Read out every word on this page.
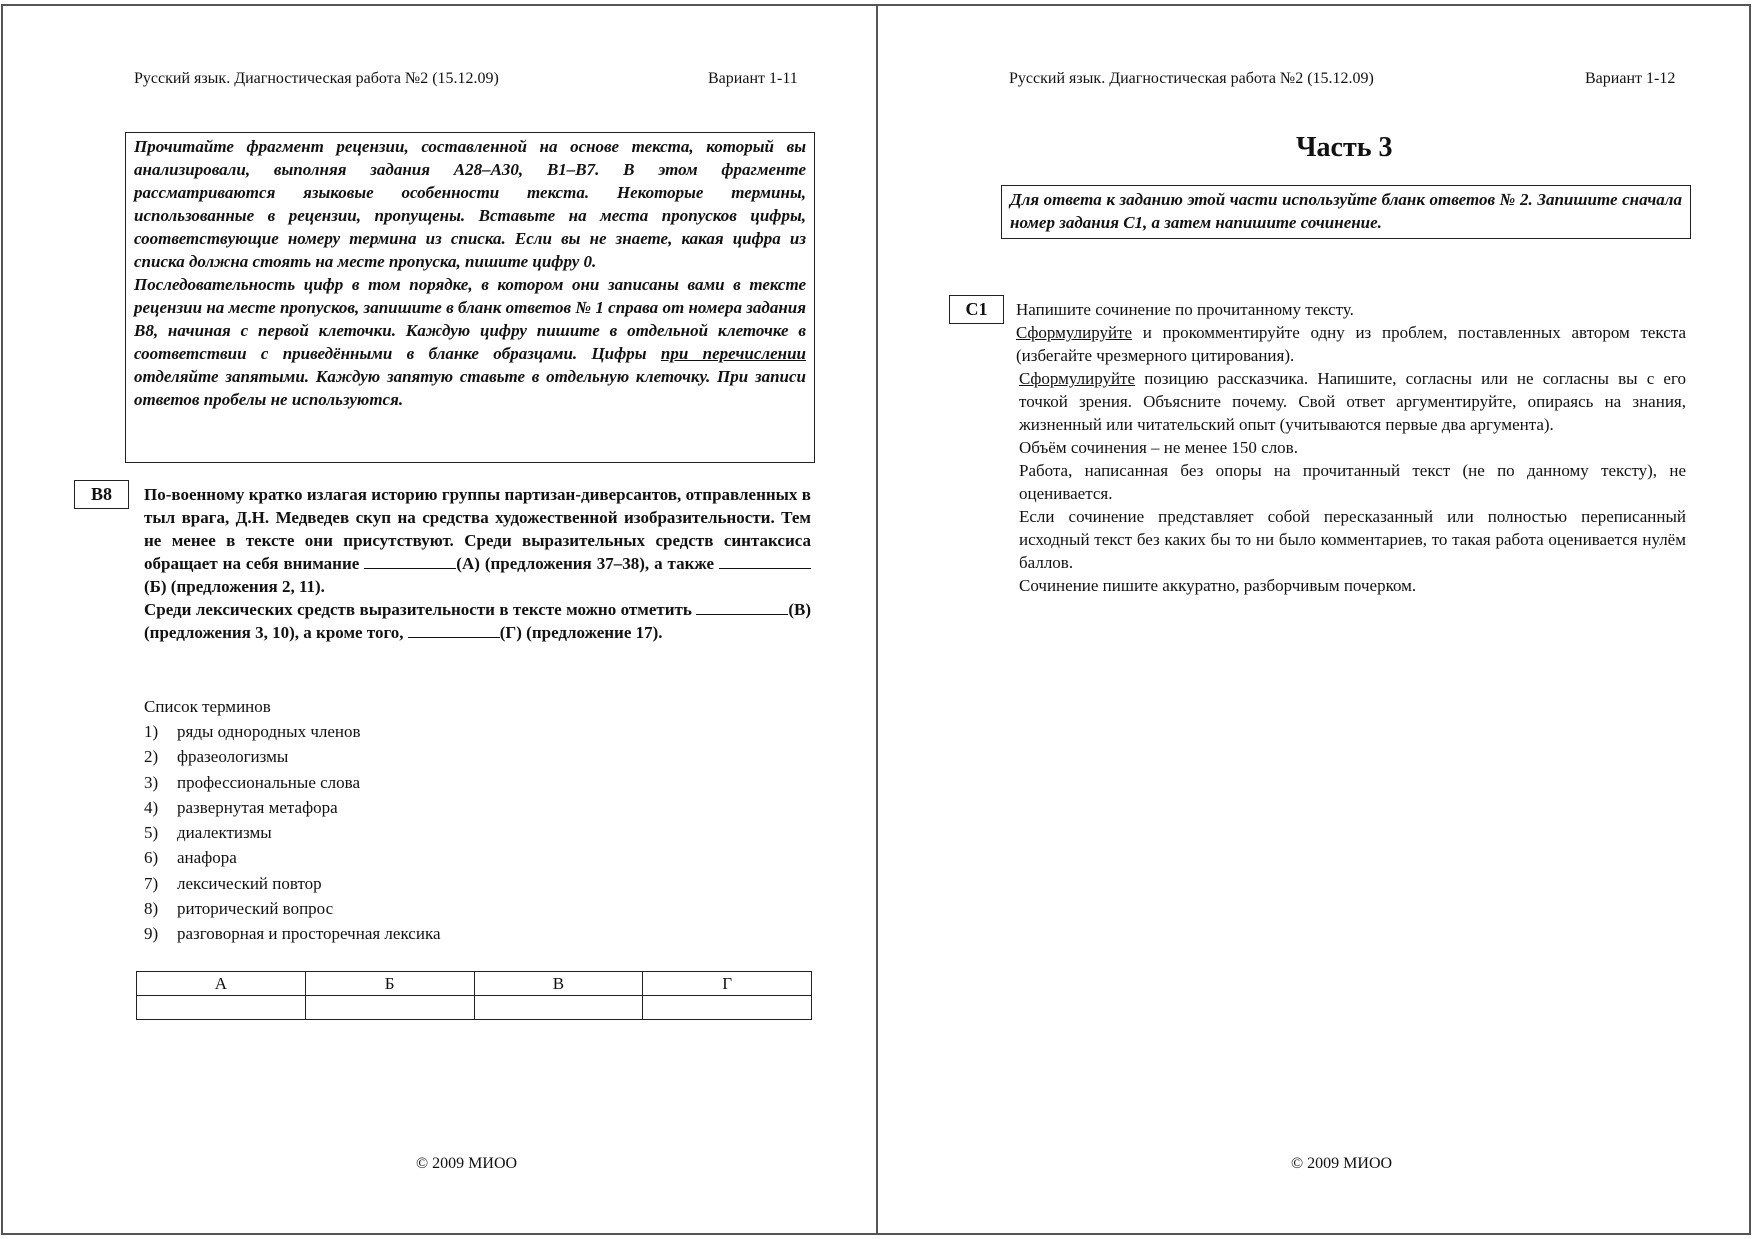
Русский язык. Диагностическая работа №2 (15.12.09)	Вариант 1-11

Прочитайте фрагмент рецензии, составленной на основе текста, который вы анализировали, выполняя задания А28–А30, В1–В7. В этом фрагменте рассматриваются языковые особенности текста. Некоторые термины, использованные в рецензии, пропущены. Вставьте на места пропусков цифры, соответствующие номеру термина из списка. Если вы не знаете, какая цифра из списка должна стоять на месте пропуска, пишите цифру 0.

Последовательность цифр в том порядке, в котором они записаны вами в тексте рецензии на месте пропусков, запишите в бланк ответов № 1 справа от номера задания В8, начиная с первой клеточки. Каждую цифру пишите в отдельной клеточке в соответствии с приведёнными в бланке образцами. Цифры при перечислении отделяйте запятыми. Каждую запятую ставьте в отдельную клеточку. При записи ответов пробелы не используются.

В8	По-военному кратко излагая историю группы партизан-диверсантов, отправленных в тыл врага, Д.Н. Медведев скуп на средства художественной изобразительности. Тем не менее в тексте они присутствуют. Среди выразительных средств синтаксиса обращает на себя внимание	(А) (предложения 37–38), а также (Б) (предложения 2, 11).

Среди лексических средств выразительности в тексте можно отметить	(В) (предложения 3, 10), а кроме того,	(Г) (предложение 17).

Список терминов
1) ряды однородных членов
2) фразеологизмы
3) профессиональные слова
4) развернутая метафора
5) диалектизмы
6) анафора
7) лексический повтор
8) риторический вопрос
9) разговорная и просторечная лексика
А	Б	В	Г

© 2009 МИОО
Русский язык. Диагностическая работа №2 (15.12.09)	Вариант 1-12
Часть 3

Для ответа к заданию этой части используйте бланк ответов № 2. Запишите сначала номер задания С1, а затем напишите сочинение.

С1	Напишите сочинение по прочитанному тексту.

Сформулируйте и прокомментируйте одну из проблем, поставленных автором текста (избегайте чрезмерного цитирования).

Сформулируйте позицию рассказчика. Напишите, согласны или не согласны вы с его точкой зрения. Объясните почему. Свой ответ аргументируйте, опираясь на знания, жизненный или читательский опыт (учитываются первые два аргумента).

Объём сочинения – не менее 150 слов.

Работа, написанная без опоры на прочитанный текст (не по данному тексту), не оценивается.

Если сочинение представляет собой пересказанный или полностью переписанный исходный текст без каких бы то ни было комментариев, то такая работа оценивается нулём баллов.

Сочинение пишите аккуратно, разборчивым почерком.

© 2009 МИОО
